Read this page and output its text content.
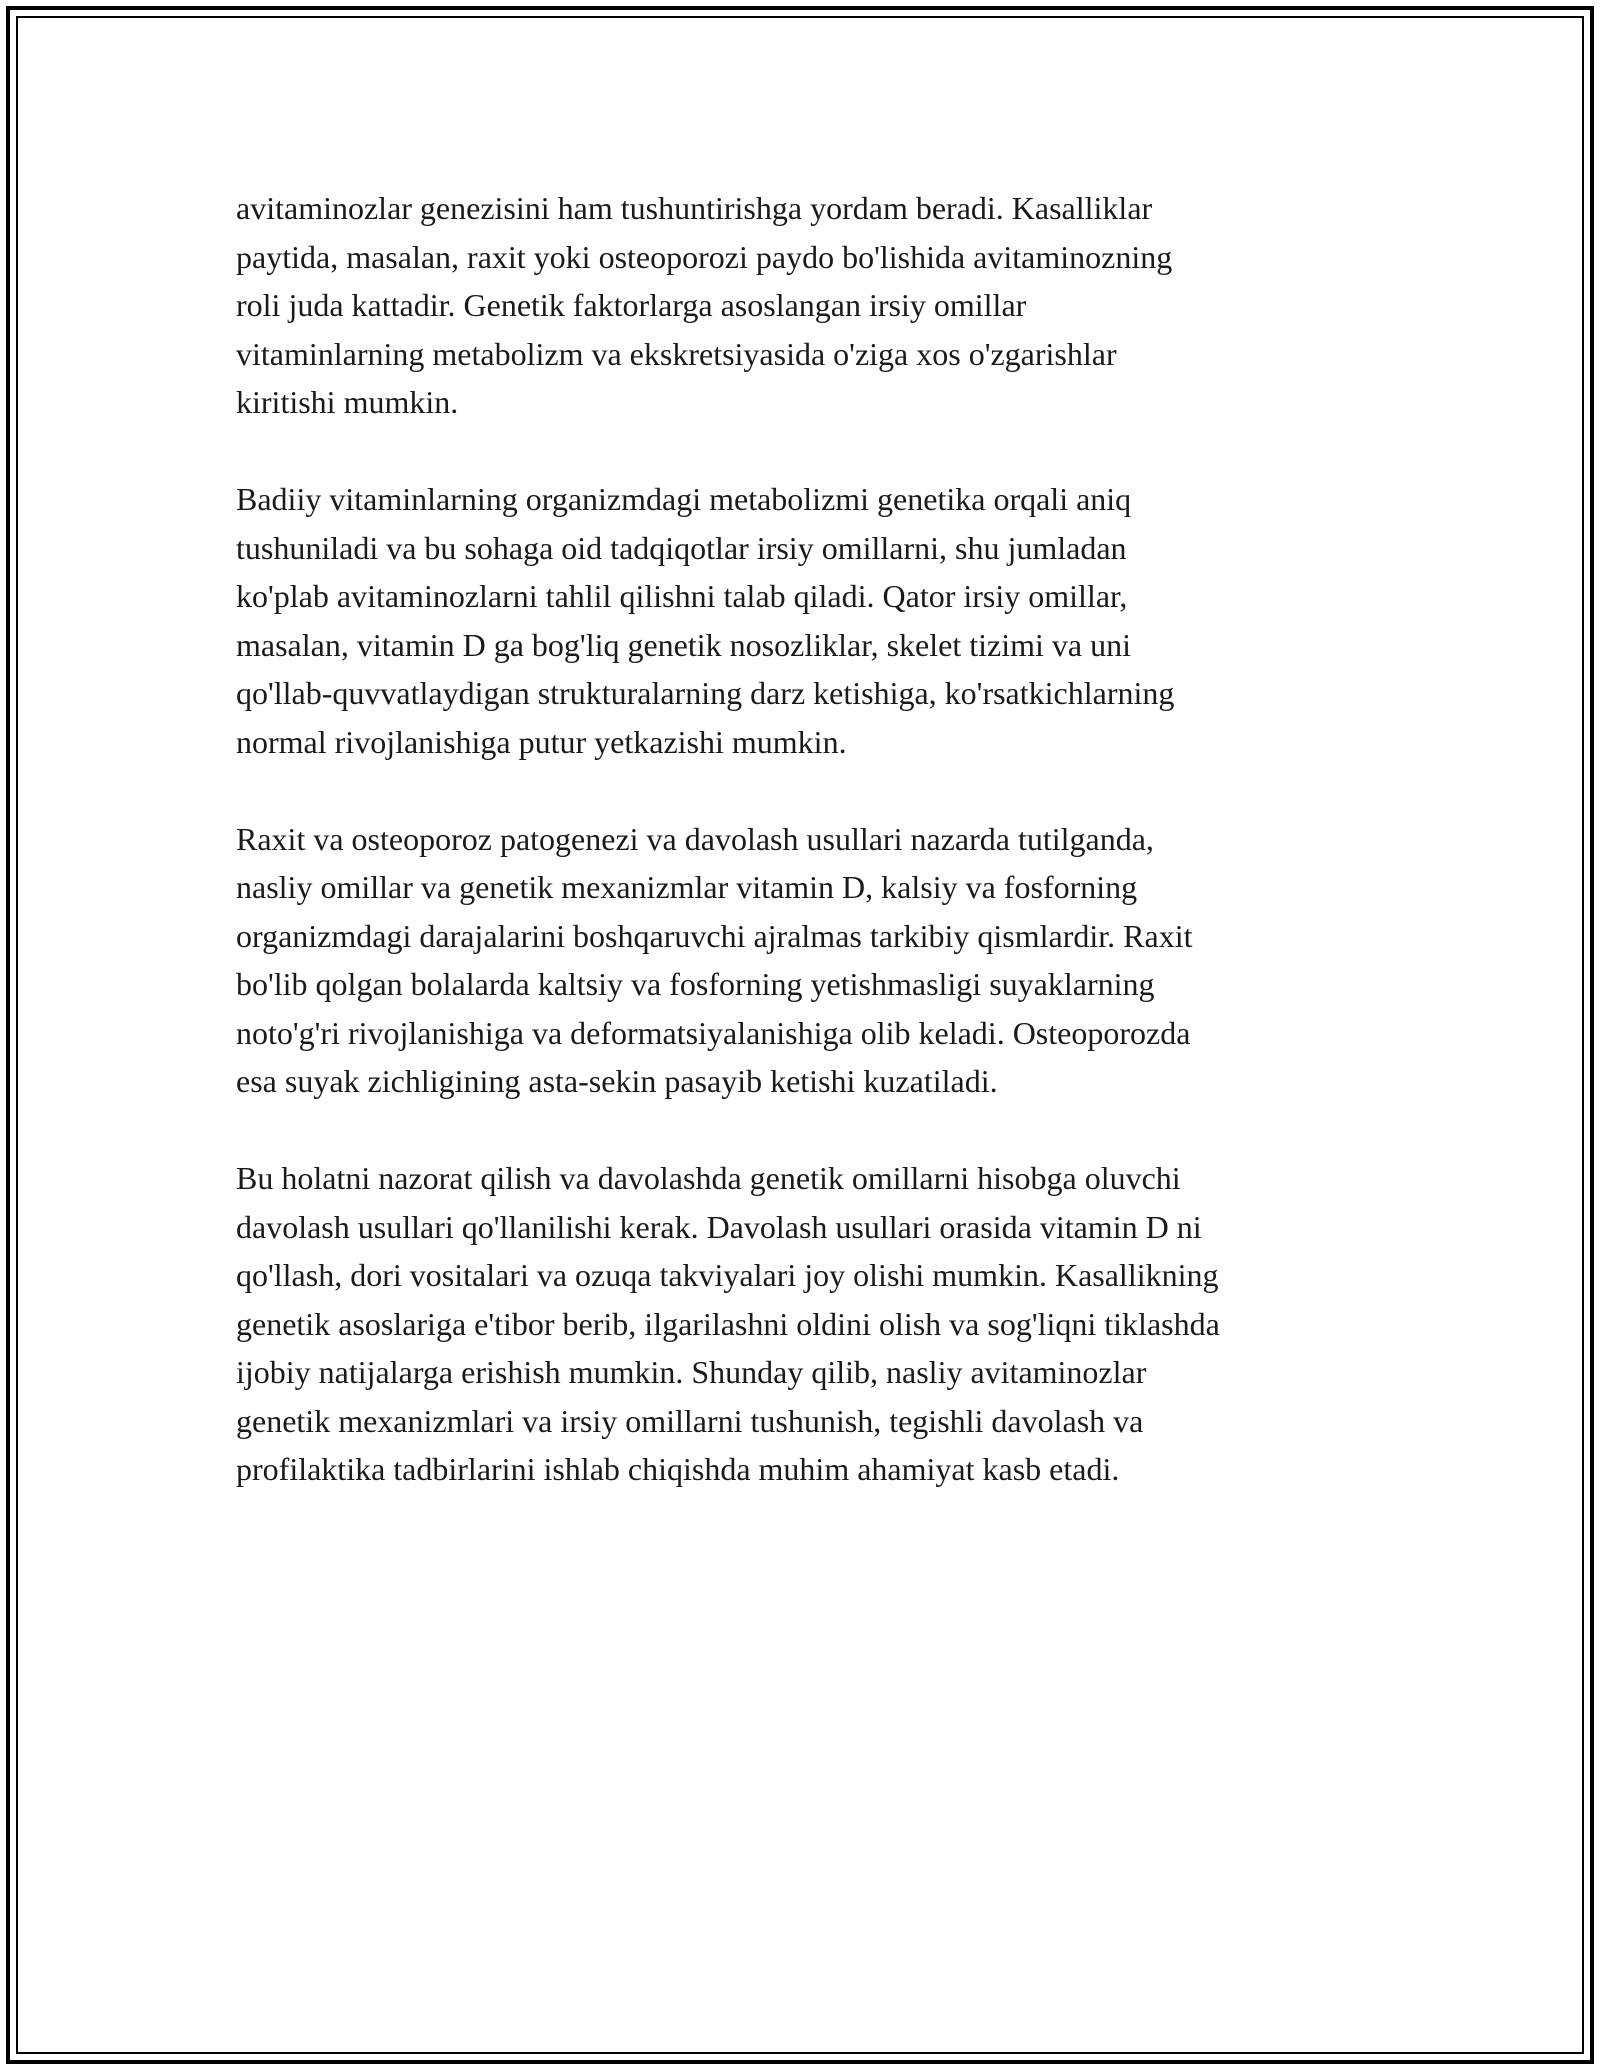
avitaminozlar genezisini ham tushuntirishga yordam beradi. Kasalliklar
paytida, masalan, raxit yoki osteoporozi paydo bo'lishida avitaminozning
roli juda kattadir. Genetik faktorlarga asoslangan irsiy omillar
vitaminlarning metabolizm va ekskretsiyasida o'ziga xos o'zgarishlar
kiritishi mumkin.

Badiiy vitaminlarning organizmdagi metabolizmi genetika orqali aniq
tushuniladi va bu sohaga oid tadqiqotlar irsiy omillarni, shu jumladan
ko'plab avitaminozlarni tahlil qilishni talab qiladi. Qator irsiy omillar,
masalan, vitamin D ga bog'liq genetik nosozliklar, skelet tizimi va uni
qo'llab-quvvatlaydigan strukturalarning darz ketishiga, ko'rsatkichlarning
normal rivojlanishiga putur yetkazishi mumkin.

Raxit va osteoporoz patogenezi va davolash usullari nazarda tutilganda,
nasliy omillar va genetik mexanizmlar vitamin D, kalsiy va fosforning
organizmdagi darajalarini boshqaruvchi ajralmas tarkibiy qismlardir. Raxit
bo'lib qolgan bolalarda kaltsiy va fosforning yetishmasligi suyaklarning
noto'g'ri rivojlanishiga va deformatsiyalanishiga olib keladi. Osteoporozda
esa suyak zichligining asta-sekin pasayib ketishi kuzatiladi.

Bu holatni nazorat qilish va davolashda genetik omillarni hisobga oluvchi
davolash usullari qo'llanilishi kerak. Davolash usullari orasida vitamin D ni
qo'llash, dori vositalari va ozuqa takviyalari joy olishi mumkin. Kasallikning
genetik asoslariga e'tibor berib, ilgarilashni oldini olish va sog'liqni tiklashda
ijobiy natijalarga erishish mumkin. Shunday qilib, nasliy avitaminozlar
genetik mexanizmlari va irsiy omillarni tushunish, tegishli davolash va
profilaktika tadbirlarini ishlab chiqishda muhim ahamiyat kasb etadi.
